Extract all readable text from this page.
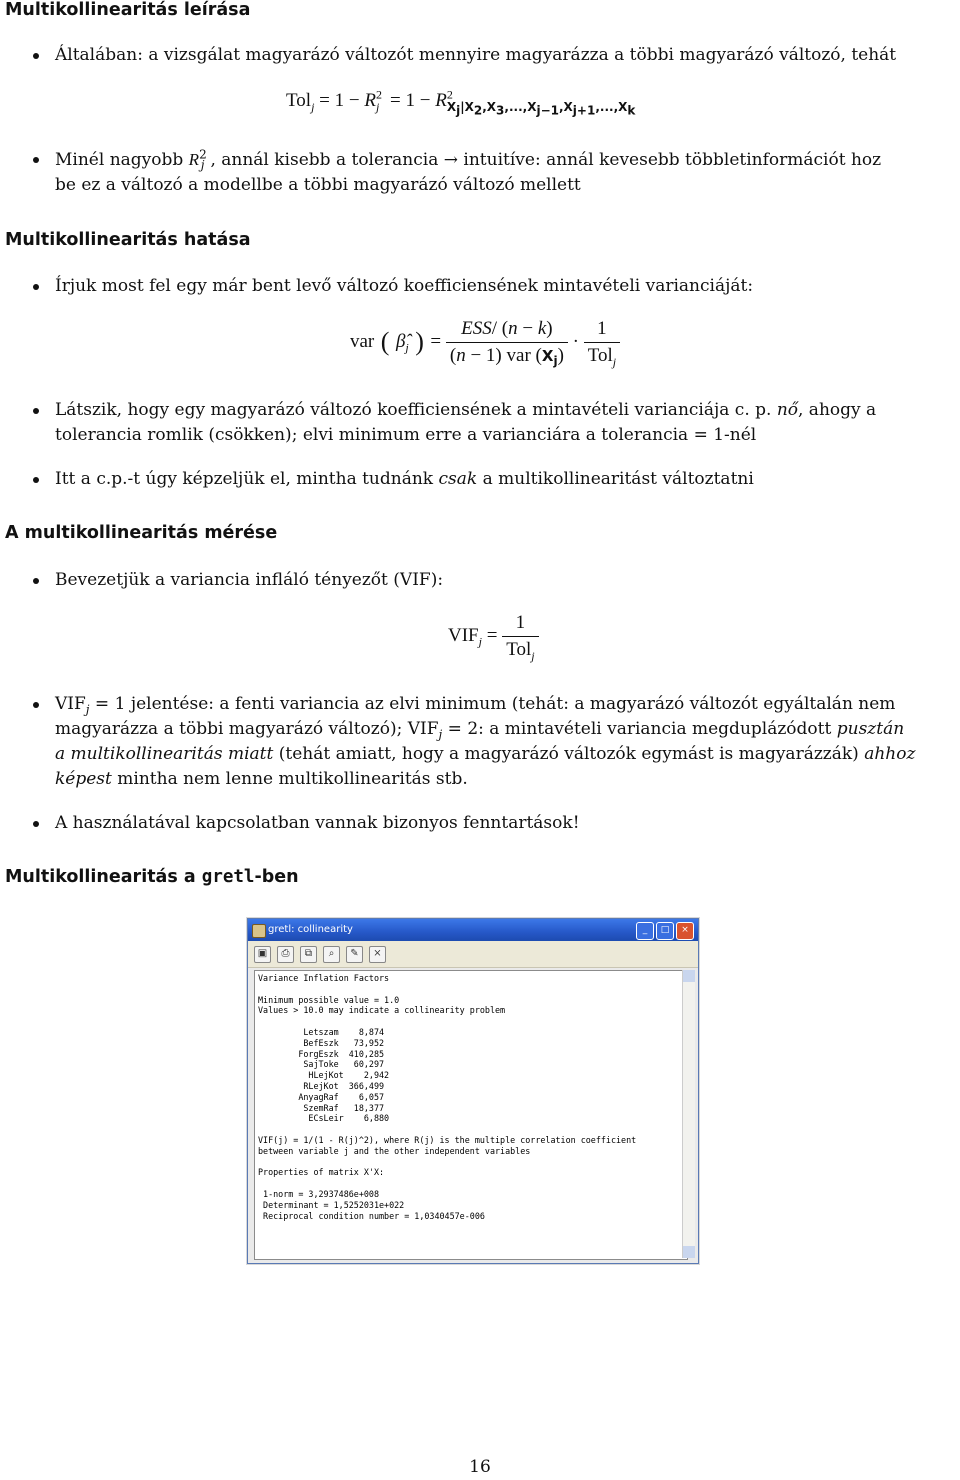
Multikollinearitás leírása
Általában: a vizsgálat magyarázó változót mennyire magyarázza a többi magyarázó változó, tehát
$Tol_j = 1 - R^2_j = 1 - R^2_{X_j|X_2,X_3,...,X_{j-1},X_{j+1},...,X_k}$
Minél nagyobb $R^2_j$ , annál kisebb a tolerancia → intuitíve: annál kevesebb többletinformációt hoz
be ez a változó a modellbe a többi magyarázó változó mellett
Multikollinearitás hatása
Írjuk most fel egy már bent levő változó koefficiensének mintavételi varianciáját:
var ( $\betâ_j$ ) = $\frac{\text{ESS/ (n − k)}}{(n - 1) var (X_j)} \cdot \frac{1}{Tol_j}$
Látszik, hogy egy magyarázó változó koefficiensének a mintavételi varianciája c. p. nő, ahogy a
tolerancia romlik (csökken); elvi minimum erre a varianciára a tolerancia = 1-nél
Itt a c.p.-t úgy képzeljük el, mintha tudnánk csak a multikollinearitást változtatni
A multikollinearitás mérése
Bevezetjük a variancia infláló tényezőt (VIF):
$VIF_j = \frac{1}{Tol_j}$
$VIF_j = 1$ jelentése: a fenti variancia az elvi minimum (tehát: a magyarázó változót egyáltalán nem
magyarázza a többi magyarázó változó); $VIF_j = 2$: a mintavételi variancia megduplázódott pusztán
a multikollinearitás miatt (tehát amiatt, hogy a magyarázó változók egymást is magyarázzák) ahhoz
képest mintha nem lenne multikollinearitás stb.
A használatával kapcsolatban vannak bizonyos fenntartások!
Multikollinearitás a gretl-ben
gretl: collinearity	_	□	×
▣	⎙	⧉	⌕	✎	×
Variance Inflation Factors

Minimum possible value = 1.0
Values > 10.0 may indicate a collinearity problem

Letszam    8,874
BefEszk   73,952
ForgEszk  410,285
SajToke   60,297
HLejKot    2,942
RLejKot  366,499
AnyagRaf    6,057
SzemRaf   18,377
ECsLeir    6,880

VIF(j) = 1/(1 - R(j)^2), where R(j) is the multiple correlation coefficient
between variable j and the other independent variables

Properties of matrix X'X:

1-norm = 3,2937486e+008
Determinant = 1,5252031e+022
Reciprocal condition number = 1,0340457e-006
16
